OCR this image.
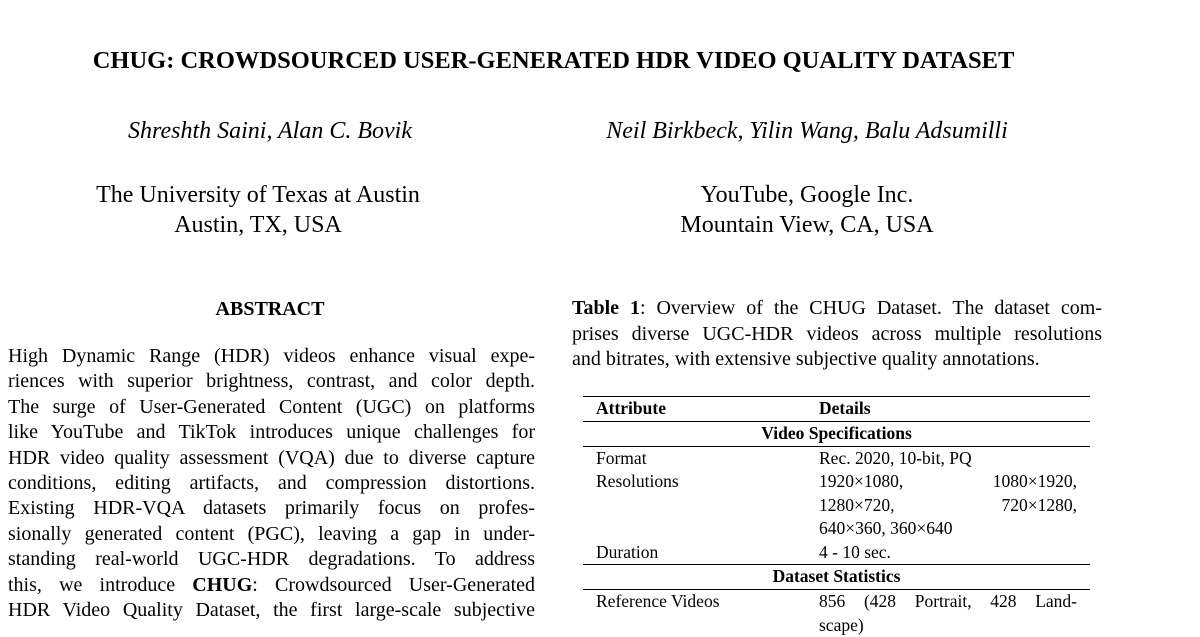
CHUG: CROWDSOURCED USER-GENERATED HDR VIDEO QUALITY DATASET
Shreshth Saini, Alan C. Bovik	Neil Birkbeck, Yilin Wang, Balu Adsumilli
The University of Texas at Austin
Austin, TX, USA
YouTube, Google Inc.
Mountain View, CA, USA
ABSTRACT
High Dynamic Range (HDR) videos enhance visual expe-
riences with superior brightness, contrast, and color depth.
The surge of User-Generated Content (UGC) on platforms
like YouTube and TikTok introduces unique challenges for
HDR video quality assessment (VQA) due to diverse capture
conditions, editing artifacts, and compression distortions.
Existing HDR-VQA datasets primarily focus on profes-
sionally generated content (PGC), leaving a gap in under-
standing real-world UGC-HDR degradations. To address
this, we introduce CHUG: Crowdsourced User-Generated
HDR Video Quality Dataset, the first large-scale subjective
Table 1: Overview of the CHUG Dataset. The dataset com-
prises diverse UGC-HDR videos across multiple resolutions
and bitrates, with extensive subjective quality annotations.
Attribute	Details
Video Specifications
Format	Rec. 2020, 10-bit, PQ
Resolutions	1920×1080, 1080×1920,
1280×720, 720×1280,
640×360, 360×640
Duration	4 - 10 sec.
Dataset Statistics
Reference Videos	856 (428 Portrait, 428 Land-
scape)
